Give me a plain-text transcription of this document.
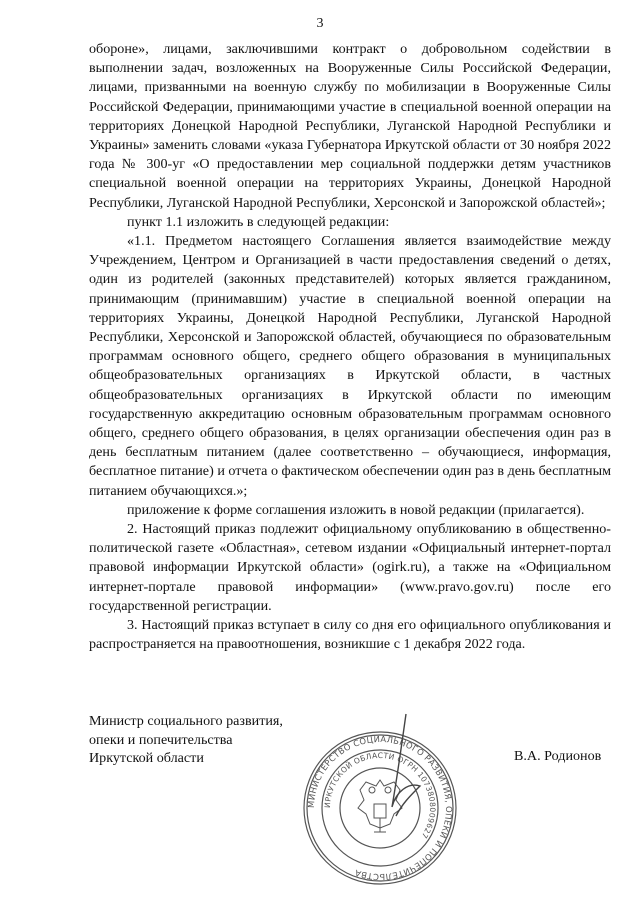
3

обороне», лицами, заключившими контракт о добровольном содействии в выполнении задач, возложенных на Вооруженные Силы Российской Федерации, лицами, призванными на военную службу по мобилизации в Вооруженные Силы Российской Федерации, принимающими участие в специальной военной операции на территориях Донецкой Народной Республики, Луганской Народной Республики и Украины» заменить словами «указа Губернатора Иркутской области от 30 ноября 2022 года № 300-уг «О предоставлении мер социальной поддержки детям участников специальной военной операции на территориях Украины, Донецкой Народной Республики, Луганской Народной Республики, Херсонской и Запорожской областей»;

пункт 1.1 изложить в следующей редакции:

«1.1. Предметом настоящего Соглашения является взаимодействие между Учреждением, Центром и Организацией в части предоставления сведений о детях, один из родителей (законных представителей) которых является гражданином, принимающим (принимавшим) участие в специальной военной операции на территориях Украины, Донецкой Народной Республики, Луганской Народной Республики, Херсонской и Запорожской областей, обучающиеся по образовательным программам основного общего, среднего общего образования в муниципальных общеобразовательных организациях в Иркутской области, в частных общеобразовательных организациях в Иркутской области по имеющим государственную аккредитацию основным образовательным программам основного общего, среднего общего образования, в целях организации обеспечения один раз в день бесплатным питанием (далее соответственно – обучающиеся, информация, бесплатное питание) и отчета о фактическом обеспечении один раз в день бесплатным питанием обучающихся.»;

приложение к форме соглашения изложить в новой редакции (прилагается).

2. Настоящий приказ подлежит официальному опубликованию в общественно-политической газете «Областная», сетевом издании «Официальный интернет-портал правовой информации Иркутской области» (ogirk.ru), а также на «Официальном интернет-портале правовой информации» (www.pravo.gov.ru) после его государственной регистрации.

3. Настоящий приказ вступает в силу со дня его официального опубликования и распространяется на правоотношения, возникшие с 1 декабря 2022 года.

Министр социального развития,
опеки и попечительства
Иркутской области
МИНИСТЕРСТВО СОЦИАЛЬНОГО РАЗВИТИЯ, ОПЕКИ И ПОПЕЧИТЕЛЬСТВА
ИРКУТСКОЙ ОБЛАСТИ ОГРН 1073808009627
В.А. Родионов
